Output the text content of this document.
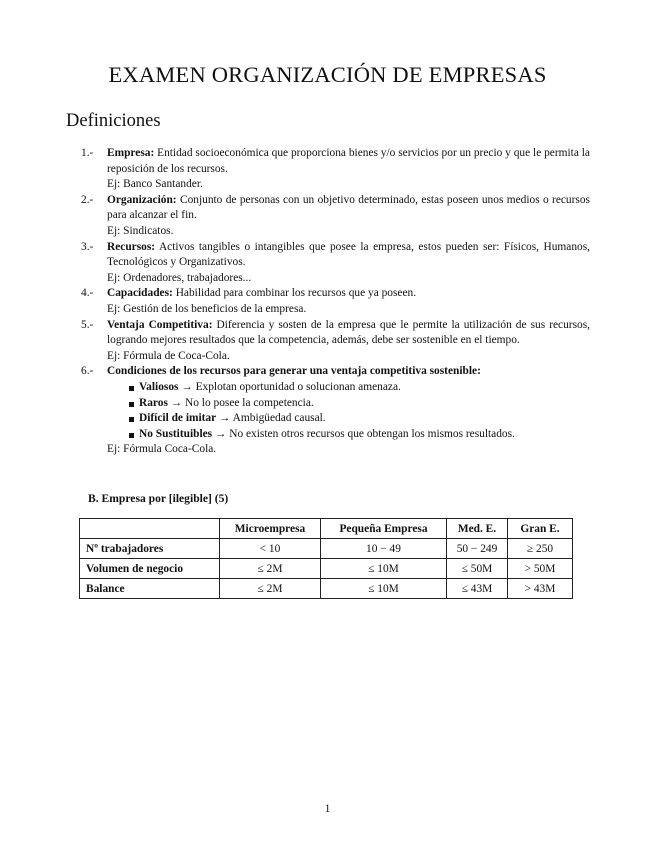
EXAMEN ORGANIZACIÓN DE EMPRESAS
Definiciones
1.- Empresa: Entidad socioeconómica que proporciona bienes y/o servicios por un precio y que le permita la reposición de los recursos.
Ej: Banco Santander.
2.- Organización: Conjunto de personas con un objetivo determinado, estas poseen unos medios o recursos para alcanzar el fin.
Ej: Sindicatos.
3.- Recursos: Activos tangibles o intangibles que posee la empresa, estos pueden ser: Físicos, Humanos, Tecnológicos y Organizativos.
Ej: Ordenadores, trabajadores...
4.- Capacidades: Habilidad para combinar los recursos que ya poseen.
Ej: Gestión de los beneficios de la empresa.
5.- Ventaja Competitiva: Diferencia y sosten de la empresa que le permite la utilización de sus recursos, logrando mejores resultados que la competencia, además, debe ser sostenible en el tiempo.
Ej: Fórmula de Coca-Cola.
6.- Condiciones de los recursos para generar una ventaja competitiva sostenible:
Valiosos → Explotan oportunidad o solucionan amenaza.
Raros → No lo posee la competencia.
Difícil de imitar → Ambigüedad causal.
No Sustituibles → No existen otros recursos que obtengan los mismos resultados.
Ej: Fórmula Coca-Cola.
B. Empresa por [ilegible] (5)
	Microempresa	Pequeña Empresa	Med. E.	Gran E.
Nº trabajadores	< 10	10 − 49	50 − 249	≥ 250
Volumen de negocio	≤ 2M	≤ 10M	≤ 50M	> 50M
Balance	≤ 2M	≤ 10M	≤ 43M	> 43M
1
